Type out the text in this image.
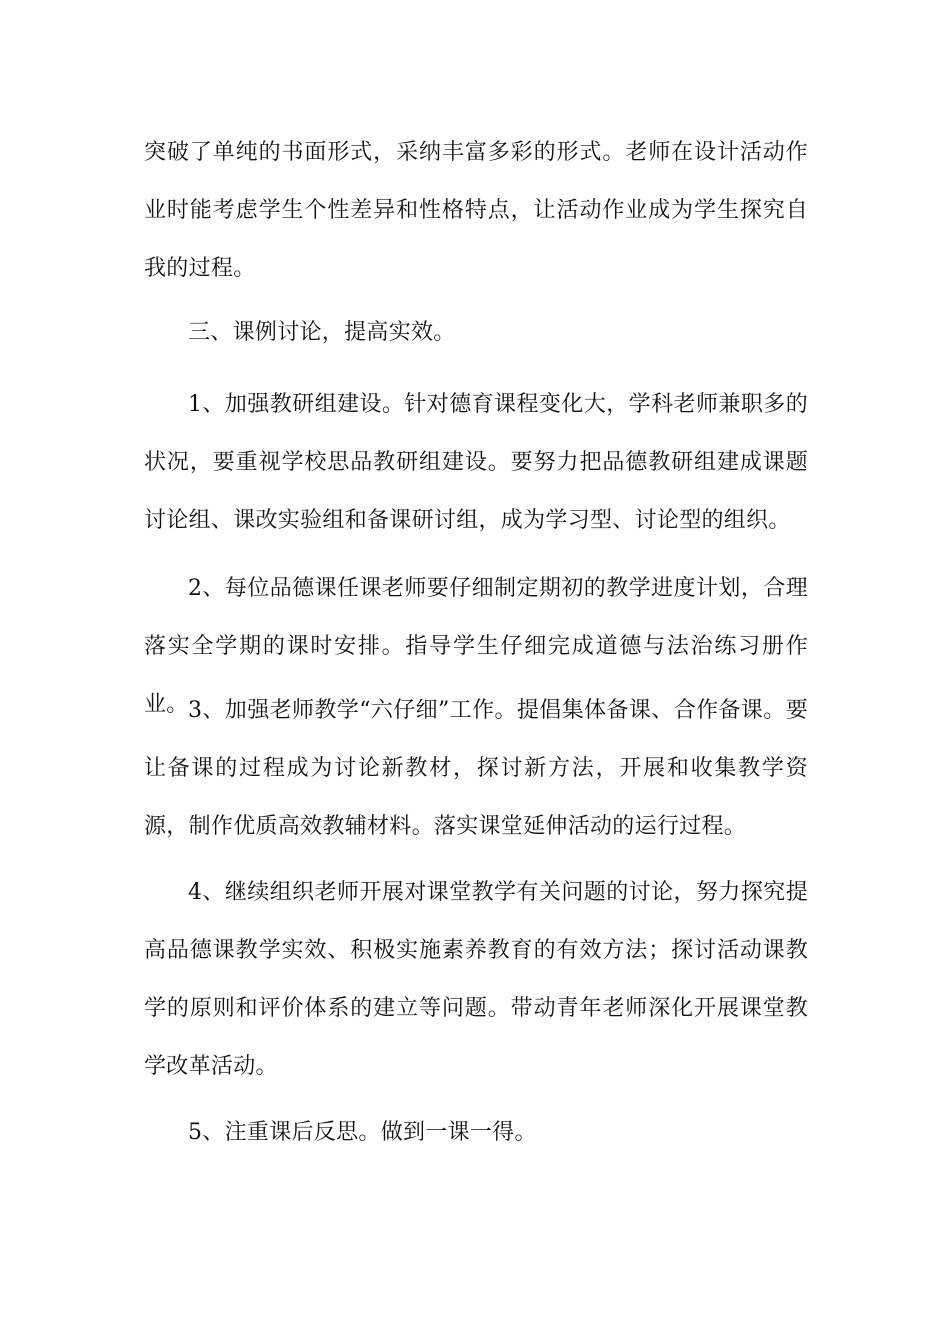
突破了单纯的书面形式，采纳丰富多彩的形式。老师在设计活动作业时能考虑学生个性差异和性格特点，让活动作业成为学生探究自我的过程。

三、课例讨论，提高实效。

1、加强教研组建设。针对德育课程变化大，学科老师兼职多的状况，要重视学校思品教研组建设。要努力把品德教研组建成课题讨论组、课改实验组和备课研讨组，成为学习型、讨论型的组织。

2、每位品德课任课老师要仔细制定期初的教学进度计划，合理落实全学期的课时安排。指导学生仔细完成道德与法治练习册作业。 3、加强老师教学“六仔细”工作。提倡集体备课、合作备课。要让备课的过程成为讨论新教材，探讨新方法，开展和收集教学资源，制作优质高效教辅材料。落实课堂延伸活动的运行过程。

4、继续组织老师开展对课堂教学有关问题的讨论，努力探究提高品德课教学实效、积极实施素养教育的有效方法；探讨活动课教学的原则和评价体系的建立等问题。带动青年老师深化开展课堂教学改革活动。

5、注重课后反思。做到一课一得。
